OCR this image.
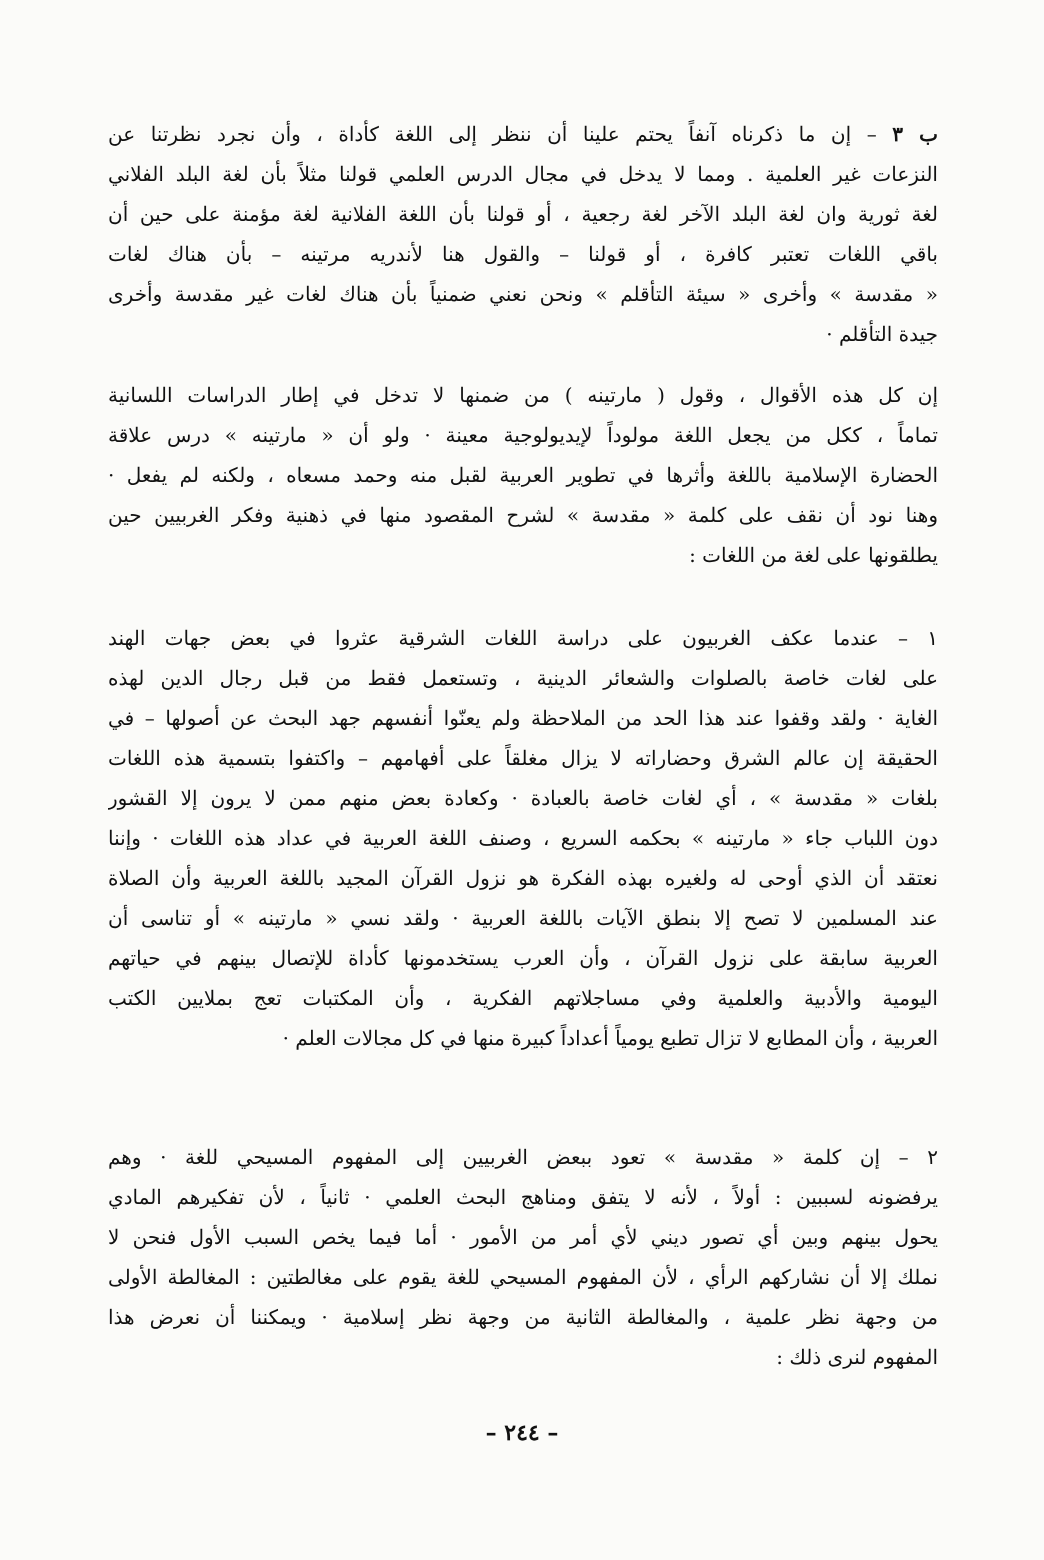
ب ٣ – إن ما ذكرناه آنفاً يحتم علينا أن ننظر إلى اللغة كأداة ، وأن نجرد نظرتنا عن
النزعات غير العلمية . ومما لا يدخل في مجال الدرس العلمي قولنا مثلاً بأن لغة البلد الفلاني
لغة ثورية وان لغة البلد الآخر لغة رجعية ، أو قولنا بأن اللغة الفلانية لغة مؤمنة على حين أن
باقي اللغات تعتبر كافرة ، أو قولنا – والقول هنا لأندريه مرتينه – بأن هناك لغات
« مقدسة » وأخرى « سيئة التأقلم » ونحن نعني ضمنياً بأن هناك لغات غير مقدسة وأخرى
جيدة التأقلم ·
إن كل هذه الأقوال ، وقول ( مارتينه ) من ضمنها لا تدخل في إطار الدراسات اللسانية
تماماً ، ككل من يجعل اللغة مولوداً لإيديولوجية معينة · ولو أن « مارتينه » درس علاقة
الحضارة الإسلامية باللغة وأثرها في تطوير العربية لقبل منه وحمد مسعاه ، ولكنه لم يفعل ·
وهنا نود أن نقف على كلمة « مقدسة » لشرح المقصود منها في ذهنية وفكر الغربيين حين
يطلقونها على لغة من اللغات :
١ – عندما عكف الغربيون على دراسة اللغات الشرقية عثروا في بعض جهات الهند
على لغات خاصة بالصلوات والشعائر الدينية ، وتستعمل فقط من قبل رجال الدين لهذه
الغاية · ولقد وقفوا عند هذا الحد من الملاحظة ولم يعنّوا أنفسهم جهد البحث عن أصولها – في
الحقيقة إن عالم الشرق وحضاراته لا يزال مغلقاً على أفهامهم – واكتفوا بتسمية هذه اللغات
بلغات « مقدسة » ، أي لغات خاصة بالعبادة · وكعادة بعض منهم ممن لا يرون إلا القشور
دون اللباب جاء « مارتينه » بحكمه السريع ، وصنف اللغة العربية في عداد هذه اللغات · وإننا
نعتقد أن الذي أوحى له ولغيره بهذه الفكرة هو نزول القرآن المجيد باللغة العربية وأن الصلاة
عند المسلمين لا تصح إلا بنطق الآيات باللغة العربية · ولقد نسي « مارتينه » أو تناسى أن
العربية سابقة على نزول القرآن ، وأن العرب يستخدمونها كأداة للإتصال بينهم في حياتهم
اليومية والأدبية والعلمية وفي مساجلاتهم الفكرية ، وأن المكتبات تعج بملايين الكتب
العربية ، وأن المطابع لا تزال تطبع يومياً أعداداً كبيرة منها في كل مجالات العلم ·
٢ – إن كلمة « مقدسة » تعود ببعض الغربيين إلى المفهوم المسيحي للغة · وهم
يرفضونه لسببين : أولاً ، لأنه لا يتفق ومناهج البحث العلمي · ثانياً ، لأن تفكيرهم المادي
يحول بينهم وبين أي تصور ديني لأي أمر من الأمور · أما فيما يخص السبب الأول فنحن لا
نملك إلا أن نشاركهم الرأي ، لأن المفهوم المسيحي للغة يقوم على مغالطتين : المغالطة الأولى
من وجهة نظر علمية ، والمغالطة الثانية من وجهة نظر إسلامية · ويمكننا أن نعرض هذا
المفهوم لنرى ذلك :
– ٢٤٤ –
